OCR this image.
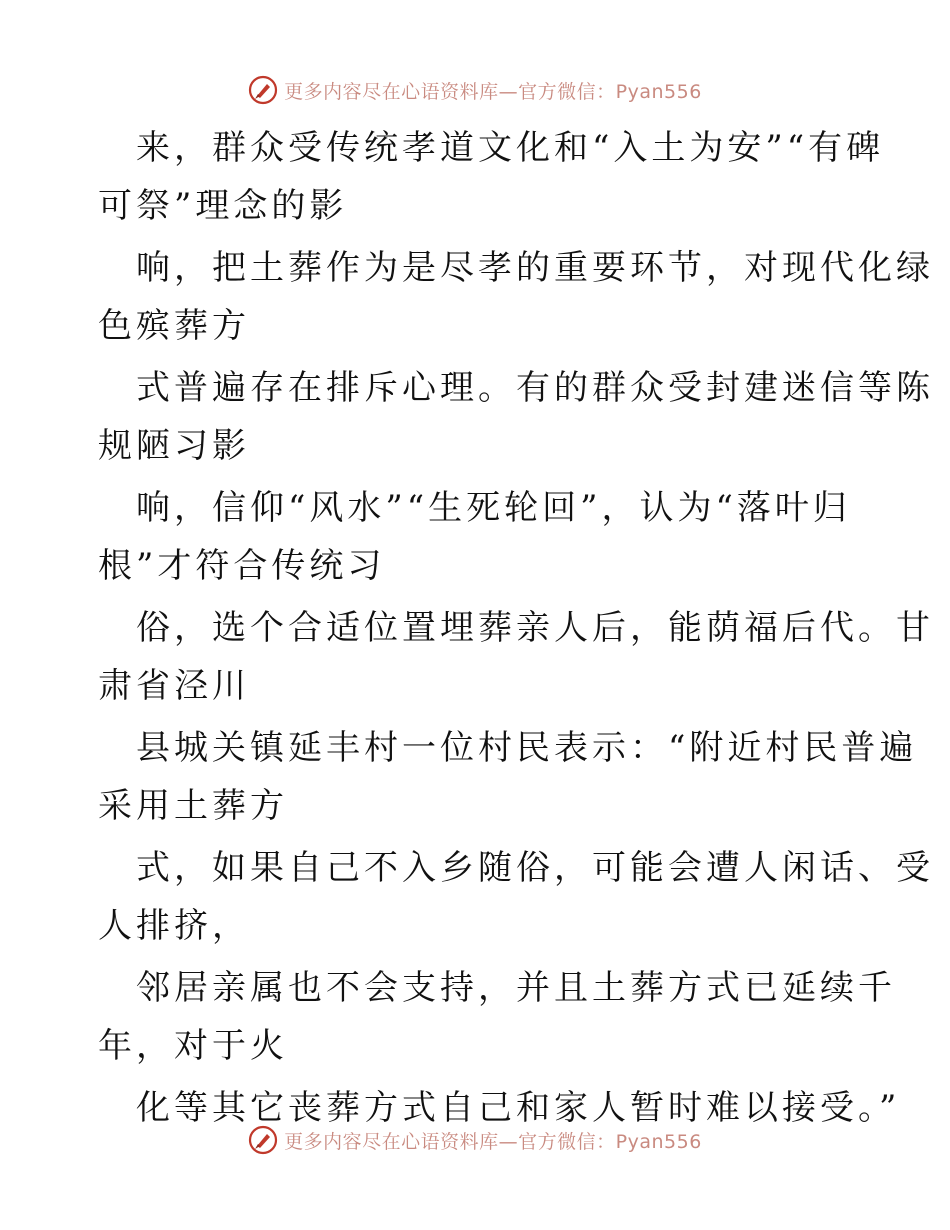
更多内容尽在心语资料库—官方微信：Pyan556

来，群众受传统孝道文化和“入土为安”“有碑

可祭”理念的影

响，把土葬作为是尽孝的重要环节，对现代化绿

色殡葬方

式普遍存在排斥心理。有的群众受封建迷信等陈

规陋习影

响，信仰“风水”“生死轮回”，认为“落叶归

根”才符合传统习

俗，选个合适位置埋葬亲人后，能荫福后代。甘

肃省泾川

县城关镇延丰村一位村民表示：“附近村民普遍

采用土葬方

式，如果自己不入乡随俗，可能会遭人闲话、受

人排挤，

邻居亲属也不会支持，并且土葬方式已延续千

年，对于火

化等其它丧葬方式自己和家人暂时难以接受。”

更多内容尽在心语资料库—官方微信：Pyan556
